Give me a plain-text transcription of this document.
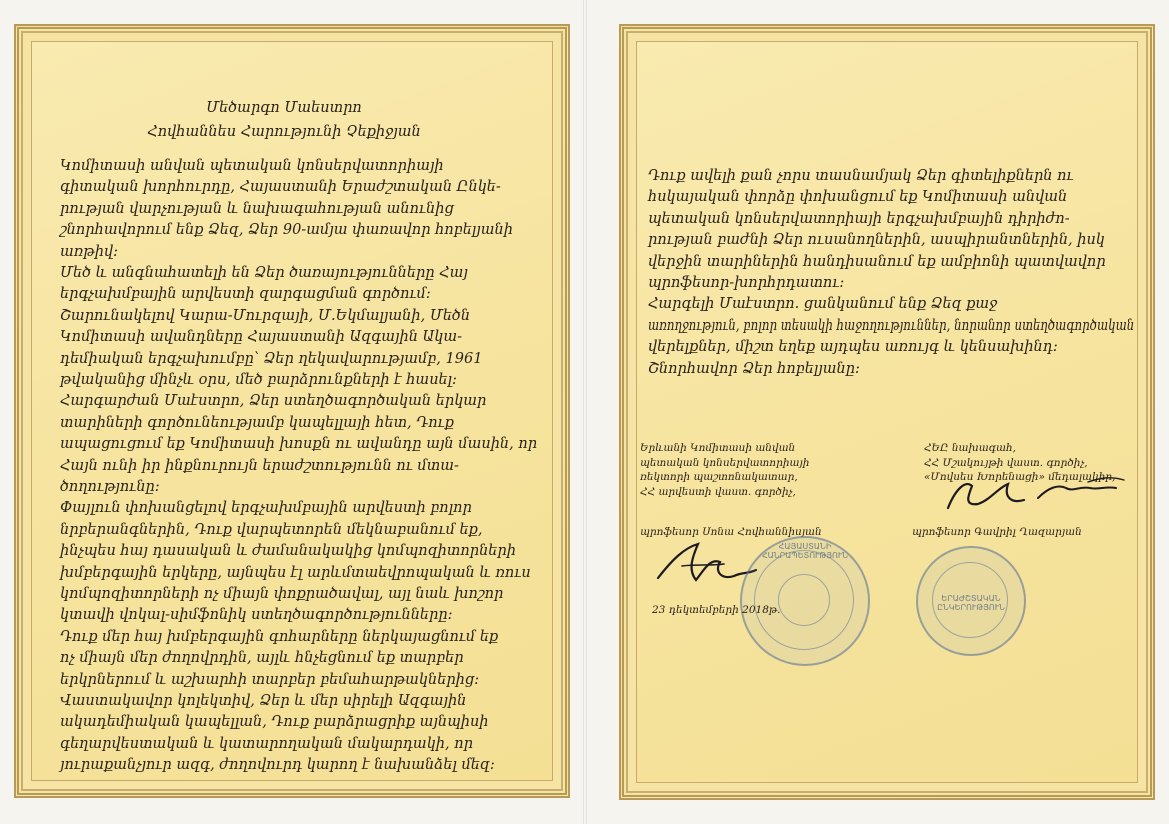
Մեծարգո Մաեստրո
Հովհաննես Հարությունի Չեքիջյան
Կոմիտասի անվան պետական կոնսերվատորիայի
գիտական խորհուրդը, Հայաստանի Երաժշտական Ընկե-
րության վարչության և նախագահության անունից
շնորհավորում ենք Ձեզ, Ձեր 90-ամյա փառավոր հոբելյանի
առթիվ:
Մեծ և անգնահատելի են Ձեր ծառայությունները Հայ
երգչախմբային արվեստի զարգացման գործում:
Շարունակելով Կարա-Մուրզայի, Մ.Եկմալյանի, Մեծն
Կոմիտասի ավանդները Հայաստանի Ազգային Ակա-
դեմիական երգչախումբը՝ Ձեր ղեկավարությամբ, 1961
թվականից մինչև օրս, մեծ բարձրունքների է հասել:
Հարգարժան Մաէստրո, Ձեր ստեղծագործական երկար
տարիների գործունեությամբ կապելլայի հետ, Դուք
ապացուցում եք Կոմիտասի խոսքն ու ավանդը այն մասին, որ
Հայն ունի իր ինքնուրույն երաժշտությունն ու մտա-
ծողությունը:
Փայլուն փոխանցելով երգչախմբային արվեստի բոլոր
նրբերանգներին, Դուք վարպետորեն մեկնաբանում եք,
ինչպես հայ դասական և ժամանակակից կոմպոզիտորների
խմբերգային երկերը, այնպես էլ արևմտաեվրոպական և ռուս
կոմպոզիտորների ոչ միայն փոքրածավալ, այլ նաև խոշոր
կտավի վոկալ-սիմֆոնիկ ստեղծագործությունները:
Դուք մեր հայ խմբերգային գոհարները ներկայացնում եք
ոչ միայն մեր ժողովրդին, այլև հնչեցնում եք տարբեր
երկրներում և աշխարհի տարբեր բեմահարթակներից:
Վաստակավոր կոլեկտիվ, Ձեր և մեր սիրելի Ազգային
ակադեմիական կապելլան, Դուք բարձրացրիք այնպիսի
գեղարվեստական և կատարողական մակարդակի, որ
յուրաքանչյուր ազգ, ժողովուրդ կարող է նախանձել մեզ:
Դուք ավելի քան չորս տասնամյակ Ձեր գիտելիքներն ու
հսկայական փորձը փոխանցում եք Կոմիտասի անվան
պետական կոնսերվատորիայի երգչախմբային դիրիժո-
րության բաժնի Ձեր ուսանողներին, ասպիրանտներին, իսկ
վերջին տարիներին հանդիսանում եք ամբիոնի պատվավոր
պրոֆեսոր-խորհրդատու:
Հարգելի Մաէստրո. ցանկանում ենք Ձեզ քաջ
առողջություն, բոլոր տեսակի հաջողություններ, նորանոր ստեղծագործական
վերելքներ, միշտ եղեք այդպես առույգ և կենսախինդ:
Շնորհավոր Ձեր հոբելյանը:
Երևանի Կոմիտասի անվան
պետական կոնսերվատորիայի
ռեկտորի պաշտոնակատար,
ՀՀ արվեստի վաստ. գործիչ,
ՀԵԸ նախագահ,
ՀՀ Մշակույթի վաստ. գործիչ,
«Մովսես Խորենացի» մեդալակիր,
պրոֆեսոր Սոնա Հովհաննիսյան	պրոֆեսոր Գավրիլ Ղազարյան
ՀԱՅԱՍՏԱՆԻ ՀԱՆՐԱՊԵՏՈՒԹՅՈՒՆ
ԵՐԱԺՇՏԱԿԱՆ ԸՆԿԵՐՈՒԹՅՈՒՆ
23 դեկտեմբերի 2018թ.
